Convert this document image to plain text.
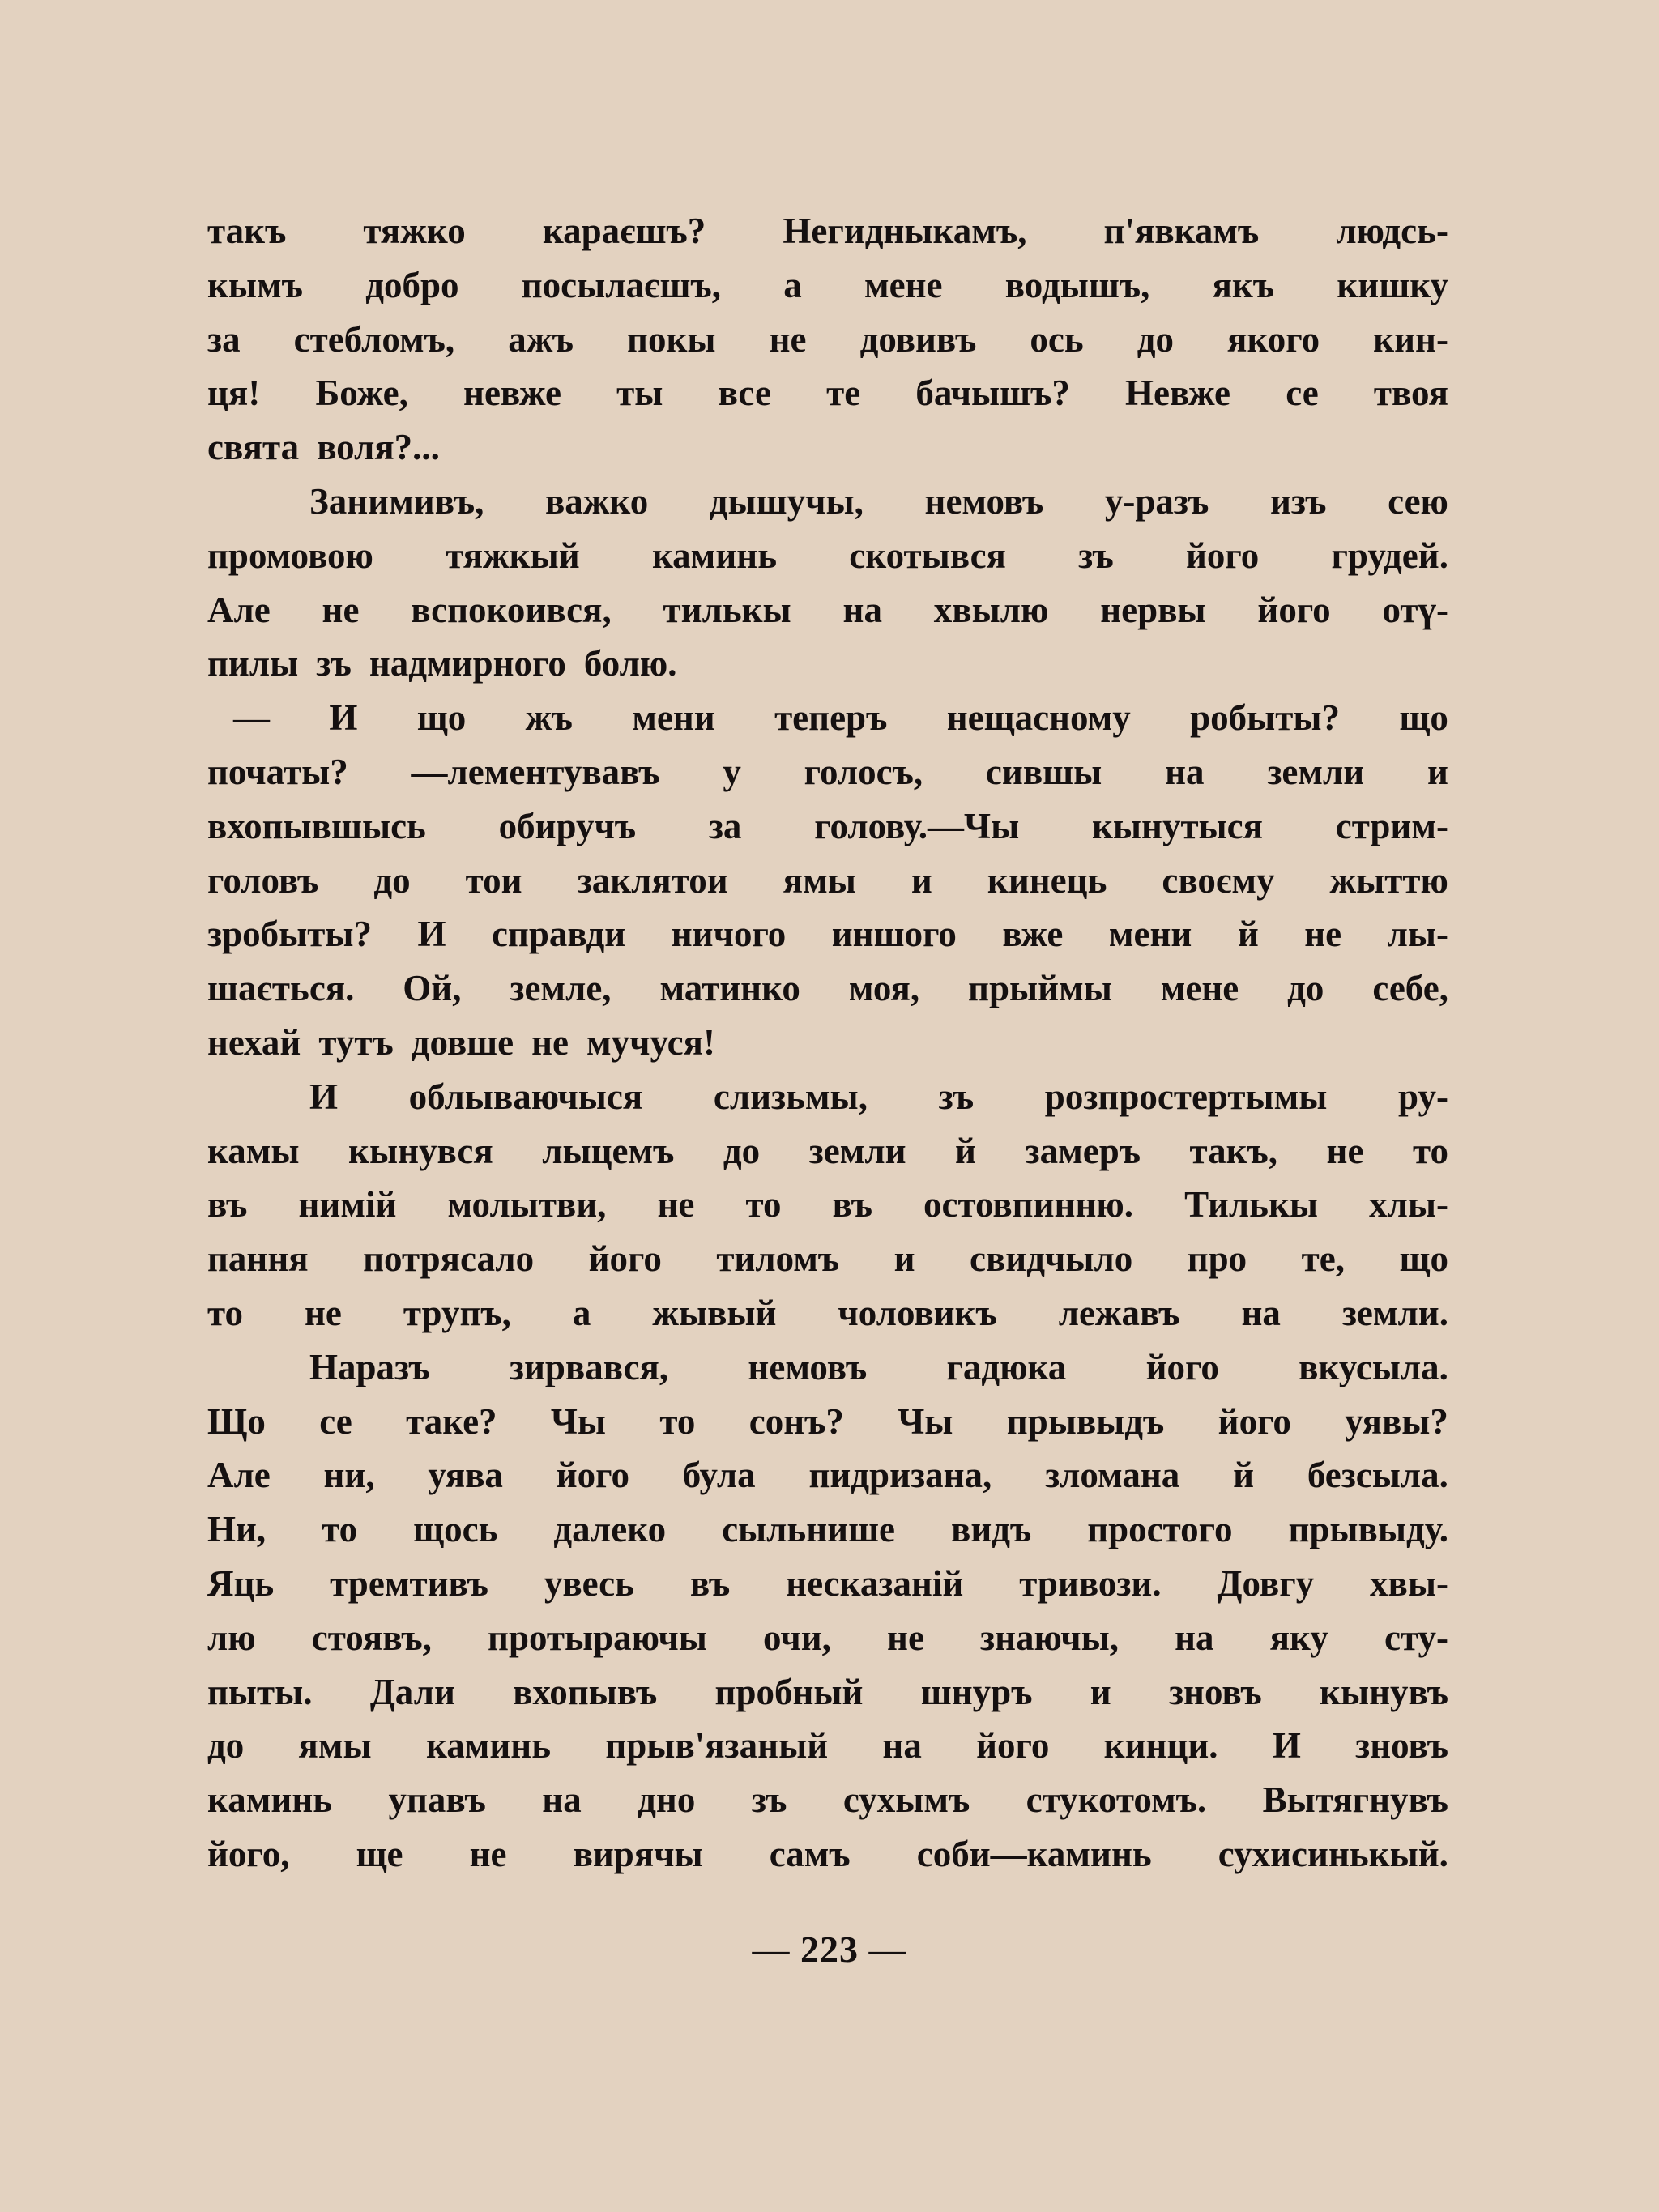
такъ тяжко караєшъ? Негидныкамъ, п'явкамъ людсь-
кымъ добро посылаєшъ, а мене водышъ, якъ кишку
за стебломъ, ажъ покы не довивъ ось до якого кин-
ця! Боже, невже ты все те бачышъ? Невже се твоя
свята воля?...
Занимивъ, важко дышучы, немовъ у-разъ изъ сею
промовою тяжкый каминь скотывся зъ його грудей.
Але не вспокоився, тилькы на хвылю нервы його отү-
пилы зъ надмирного болю.
— И що жъ мени теперъ нещасному робыты? що
початы? —лементувавъ у голосъ, сившы на земли и
вхопывшысь обиручъ за голову.—Чы кынутыся стрим-
головъ до тои заклятои ямы и кинець своєму жыттю
зробыты? И справди ничого иншого вже мени й не лы-
шається. Ой, земле, матинко моя, прыймы мене до себе,
нехай тутъ довше не мучуся!
И облываючыся слизьмы, зъ розпростертымы ру-
камы кынувся лыцемъ до земли й замеръ такъ, не то
въ нимій молытви, не то въ остовпинню. Тилькы хлы-
пання потрясало його тиломъ и свидчыло про те, що
то не трупъ, а жывый чоловикъ лежавъ на земли.
Наразъ зирвався, немовъ гадюка його вкусыла.
Що се таке? Чы то сонъ? Чы прывыдъ його уявы?
Але ни, уява його була пидризана, зломана й безсыла.
Ни, то щось далеко сыльнише видъ простого прывыду.
Яць тремтивъ увесь въ несказаній тривози. Довгу хвы-
лю стоявъ, протыраючы очи, не знаючы, на яку сту-
пыты. Дали вхопывъ пробный шнуръ и зновъ кынувъ
до ямы каминь прыв'язаный на його кинци. И зновъ
каминь упавъ на дно зъ сухымъ стукотомъ. Вытягнувъ
його, ще не вирячы самъ соби—каминь сухисинькый.
— 223 —
